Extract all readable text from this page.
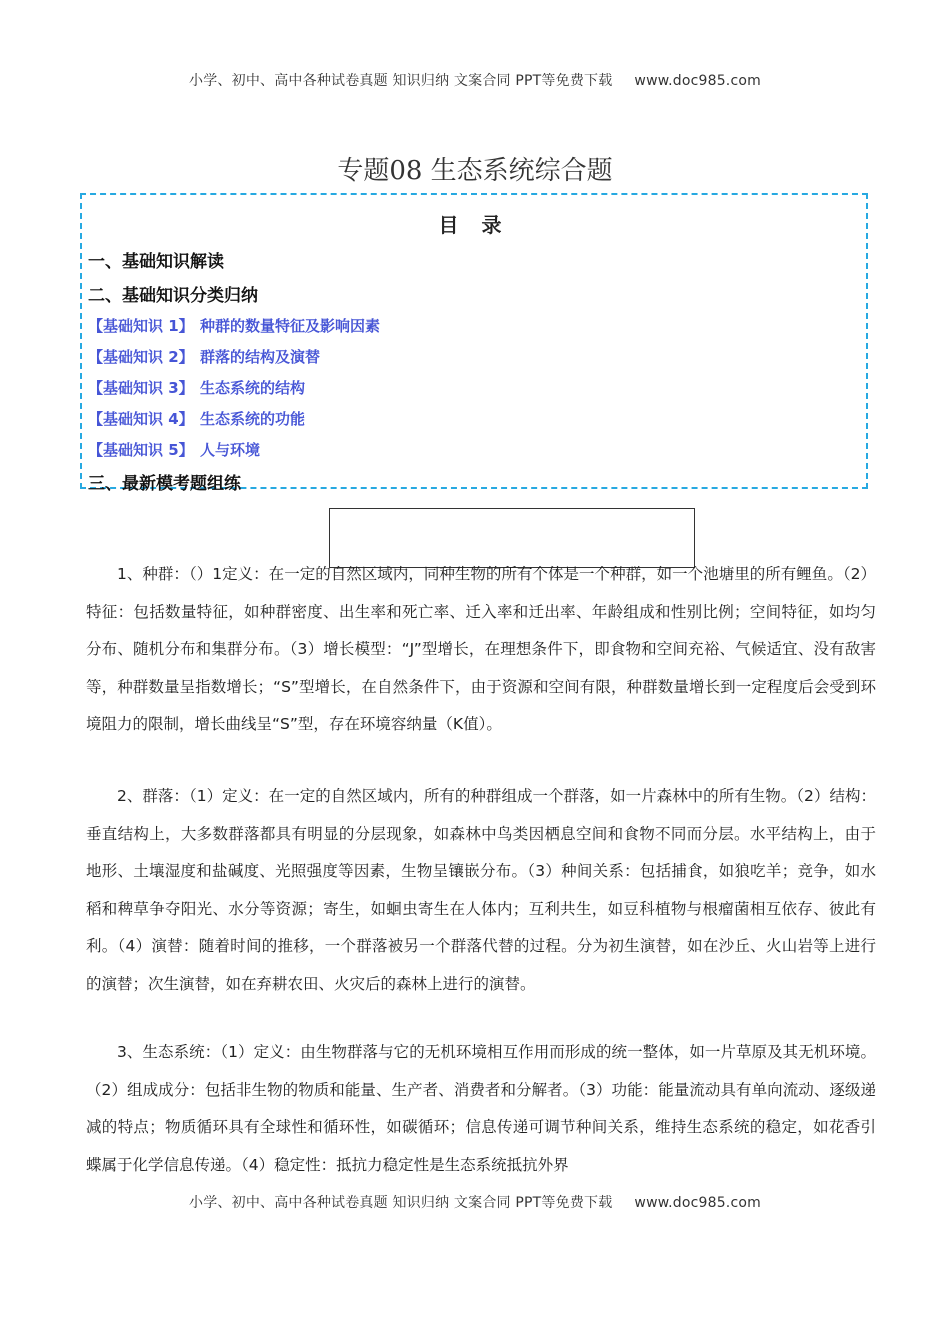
小学、初中、高中各种试卷真题 知识归纳 文案合同 PPT等免费下载 www.doc985.com
专题08 生态系统综合题
目 录
一、基础知识解读
二、基础知识分类归纳
【基础知识 1】 种群的数量特征及影响因素
【基础知识 2】 群落的结构及演替
【基础知识 3】 生态系统的结构
【基础知识 4】 生态系统的功能
【基础知识 5】 人与环境
三、最新模考题组练

1、种群：（）1定义：在一定的自然区域内，同种生物的所有个体是一个种群，如一个池塘里的所有鲤鱼。（2）特征：包括数量特征，如种群密度、出生率和死亡率、迁入率和迁出率、年龄组成和性别比例；空间特征，如均匀分布、随机分布和集群分布。（3）增长模型：“J”型增长，在理想条件下，即食物和空间充裕、气候适宜、没有敌害等，种群数量呈指数增长；“S”型增长，在自然条件下，由于资源和空间有限，种群数量增长到一定程度后会受到环境阻力的限制，增长曲线呈“S”型，存在环境容纳量（K值）。

2、群落：（1）定义：在一定的自然区域内，所有的种群组成一个群落，如一片森林中的所有生物。（2）结构：垂直结构上，大多数群落都具有明显的分层现象，如森林中鸟类因栖息空间和食物不同而分层。水平结构上，由于地形、土壤湿度和盐碱度、光照强度等因素，生物呈镶嵌分布。（3）种间关系：包括捕食，如狼吃羊；竞争，如水稻和稗草争夺阳光、水分等资源；寄生，如蛔虫寄生在人体内；互利共生，如豆科植物与根瘤菌相互依存、彼此有利。（4）演替：随着时间的推移，一个群落被另一个群落代替的过程。分为初生演替，如在沙丘、火山岩等上进行的演替；次生演替，如在弃耕农田、火灾后的森林上进行的演替。

3、生态系统：（1）定义：由生物群落与它的无机环境相互作用而形成的统一整体，如一片草原及其无机环境。（2）组成成分：包括非生物的物质和能量、生产者、消费者和分解者。（3）功能：能量流动具有单向流动、逐级递减的特点；物质循环具有全球性和循环性，如碳循环；信息传递可调节种间关系，维持生态系统的稳定，如花香引蝶属于化学信息传递。（4）稳定性：抵抗力稳定性是生态系统抵抗外界

小学、初中、高中各种试卷真题 知识归纳 文案合同 PPT等免费下载 www.doc985.com
